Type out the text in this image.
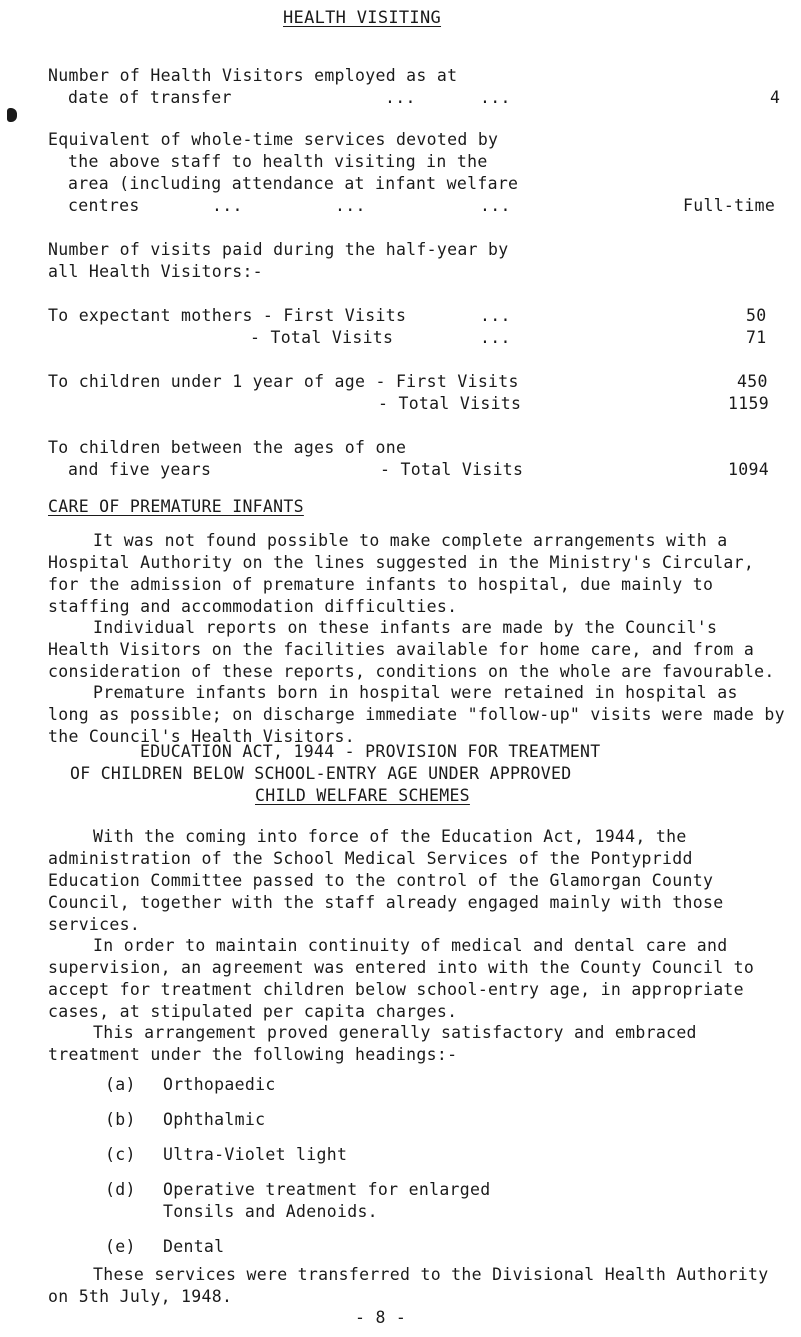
HEALTH VISITING
Number of Health Visitors employed as at
date of transfer	...	...	4
Equivalent of whole-time services devoted by
the above staff to health visiting in the
area (including attendance at infant welfare
centres	...	...	...	Full-time
Number of visits paid during the half-year by
all Health Visitors:-
To expectant mothers - First Visits	...	50
- Total Visits	...	71
To children under 1 year of age - First Visits	450
- Total Visits	1159
To children between the ages of one
and five years	- Total Visits	1094
CARE OF PREMATURE INFANTS
It was not found possible to make complete arrangements with a Hospital Authority on the lines suggested in the Ministry's Circular, for the admission of premature infants to hospital, due mainly to staffing and accommodation difficulties.
Individual reports on these infants are made by the Council's Health Visitors on the facilities available for home care, and from a consideration of these reports, conditions on the whole are favourable.
Premature infants born in hospital were retained in hospital as long as possible; on discharge immediate "follow-up" visits were made by the Council's Health Visitors.
EDUCATION ACT, 1944 - PROVISION FOR TREATMENT
OF CHILDREN BELOW SCHOOL-ENTRY AGE UNDER APPROVED
CHILD WELFARE SCHEMES
With the coming into force of the Education Act, 1944, the administration of the School Medical Services of the Pontypridd Education Committee passed to the control of the Glamorgan County Council, together with the staff already engaged mainly with those services.
In order to maintain continuity of medical and dental care and supervision, an agreement was entered into with the County Council to accept for treatment children below school-entry age, in appropriate cases, at stipulated per capita charges.
This arrangement proved generally satisfactory and embraced treatment under the following headings:-
(a) Orthopaedic
(b) Ophthalmic
(c) Ultra-Violet light
(d) Operative treatment for enlarged
Tonsils and Adenoids.
(e) Dental
These services were transferred to the Divisional Health Authority on 5th July, 1948.
- 8 -
